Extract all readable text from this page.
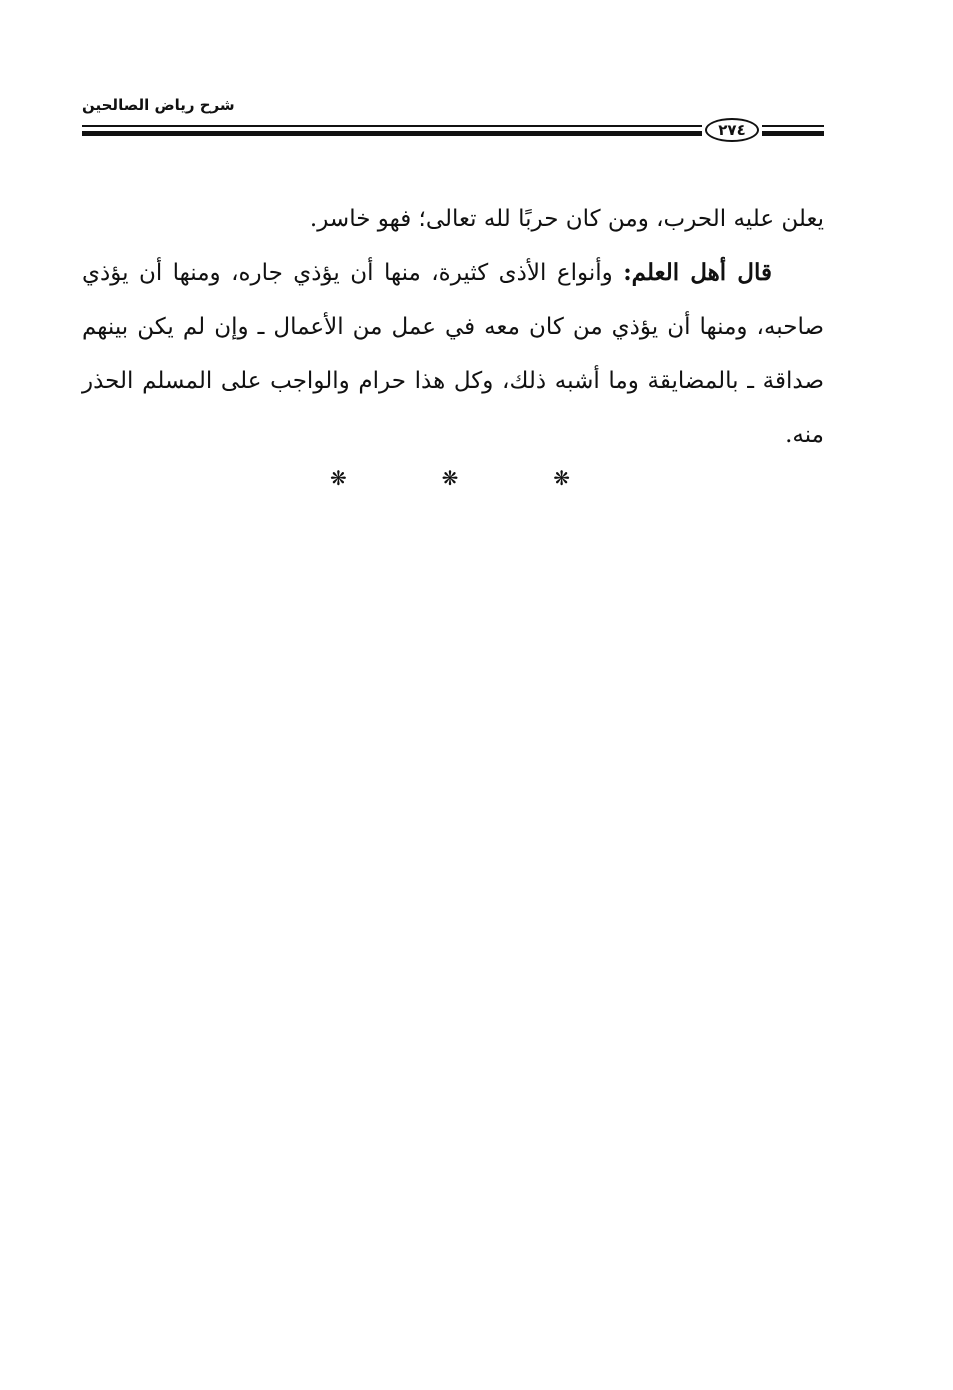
شرح رياض الصالحين
٢٧٤

يعلن عليه الحرب، ومن كان حربًا لله تعالى؛ فهو خاسر.

قال أهل العلم: وأنواع الأذى كثيرة، منها أن يؤذي جاره، ومنها أن يؤذي صاحبه، ومنها أن يؤذي من كان معه في عمل من الأعمال ـ وإن لم يكن بينهم صداقة ـ بالمضايقة وما أشبه ذلك، وكل هذا حرام والواجب على المسلم الحذر منه.

❋	❋	❋
